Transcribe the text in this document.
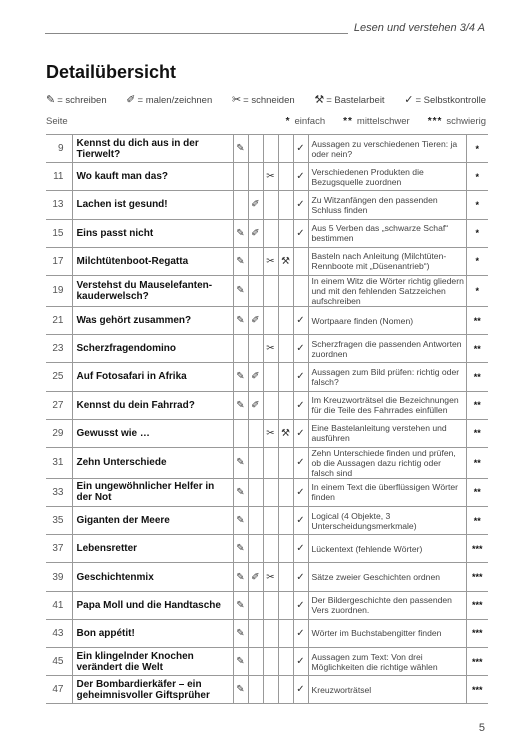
Lesen und verstehen 3/4 A
Detailübersicht
✎ = schreiben ✐ = malen/zeichnen ✂ = schneiden ⚒ = Bastelarbeit ✓ = Selbstkontrolle
Seite	* einfach ** mittelschwer *** schwierig
9	Kennst du dich aus in der Tierwelt?	✎				✓	Aussagen zu verschiedenen Tieren: ja oder nein?	*
11	Wo kauft man das?			✂		✓	Verschiedenen Produkten die Bezugsquelle zuordnen	*
13	Lachen ist gesund!		✐			✓	Zu Witzanfängen den passenden Schluss finden	*
15	Eins passt nicht	✎	✐			✓	Aus 5 Verben das „schwarze Schaf“ bestimmen	*
17	Milchtütenboot-Regatta	✎		✂	⚒		Basteln nach Anleitung (Milchtüten-Rennboote mit „Düsenantrieb“)	*
19	Verstehst du Mauselefanten-kauderwelsch?	✎					In einem Witz die Wörter richtig gliedern und mit den fehlenden Satzzeichen aufschreiben	*
21	Was gehört zusammen?	✎	✐			✓	Wortpaare finden (Nomen)	**
23	Scherzfragendomino			✂		✓	Scherzfragen die passenden Antworten zuordnen	**
25	Auf Fotosafari in Afrika	✎	✐			✓	Aussagen zum Bild prüfen: richtig oder falsch?	**
27	Kennst du dein Fahrrad?	✎	✐			✓	Im Kreuzworträtsel die Bezeichnungen für die Teile des Fahrrades einfüllen	**
29	Gewusst wie …			✂	⚒	✓	Eine Bastelanleitung verstehen und ausführen	**
31	Zehn Unterschiede	✎				✓	Zehn Unterschiede finden und prüfen, ob die Aussagen dazu richtig oder falsch sind	**
33	Ein ungewöhnlicher Helfer in der Not	✎				✓	In einem Text die überflüssigen Wörter finden	**
35	Giganten der Meere	✎				✓	Logical (4 Objekte, 3 Unterscheidungsmerkmale)	**
37	Lebensretter	✎				✓	Lückentext (fehlende Wörter)	***
39	Geschichtenmix	✎	✐	✂		✓	Sätze zweier Geschichten ordnen	***
41	Papa Moll und die Handtasche	✎				✓	Der Bildergeschichte den passenden Vers zuordnen.	***
43	Bon appétit!	✎				✓	Wörter im Buchstabengitter finden	***
45	Ein klingelnder Knochen verändert die Welt	✎				✓	Aussagen zum Text: Von drei Möglichkeiten die richtige wählen	***
47	Der Bombardierkäfer – ein geheimnisvoller Giftsprüher	✎				✓	Kreuzworträtsel	***
5
